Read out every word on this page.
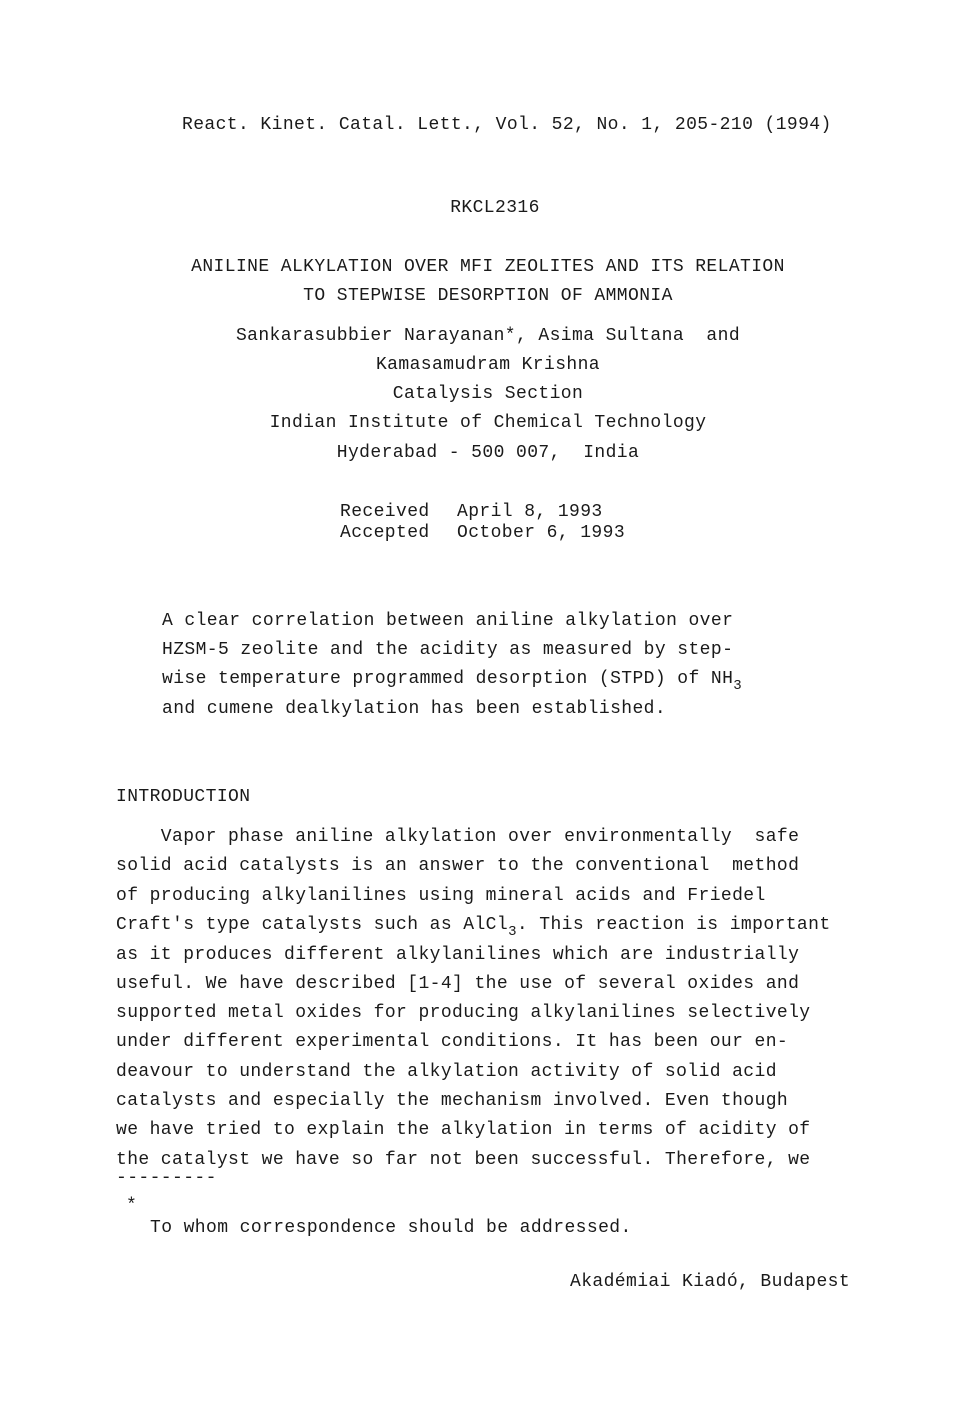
React. Kinet. Catal. Lett., Vol. 52, No. 1, 205-210 (1994)
RKCL2316
ANILINE ALKYLATION OVER MFI ZEOLITES AND ITS RELATION
TO STEPWISE DESORPTION OF AMMONIA
Sankarasubbier Narayanan*, Asima Sultana  and
Kamasamudram Krishna
Catalysis Section
Indian Institute of Chemical Technology
Hyderabad - 500 007,  India
Received April 8, 1993
Accepted October 6, 1993
A clear correlation between aniline alkylation over
HZSM-5 zeolite and the acidity as measured by step-
wise temperature programmed desorption (STPD) of $NH_3$
and cumene dealkylation has been established.
INTRODUCTION
Vapor phase aniline alkylation over environmentally  safe
solid acid catalysts is an answer to the conventional  method
of producing alkylanilines using mineral acids and Friedel
Craft's type catalysts such as AlCl$_3$. This reaction is important
as it produces different alkylanilines which are industrially
useful. We have described [1-4] the use of several oxides and
supported metal oxides for producing alkylanilines selectively
under different experimental conditions. It has been our en-
deavour to understand the alkylation activity of solid acid
catalysts and especially the mechanism involved. Even though
we have tried to explain the alkylation in terms of acidity of
the catalyst we have so far not been successful. Therefore, we
---------
*
To whom correspondence should be addressed.
Akadémiai Kiadó, Budapest
